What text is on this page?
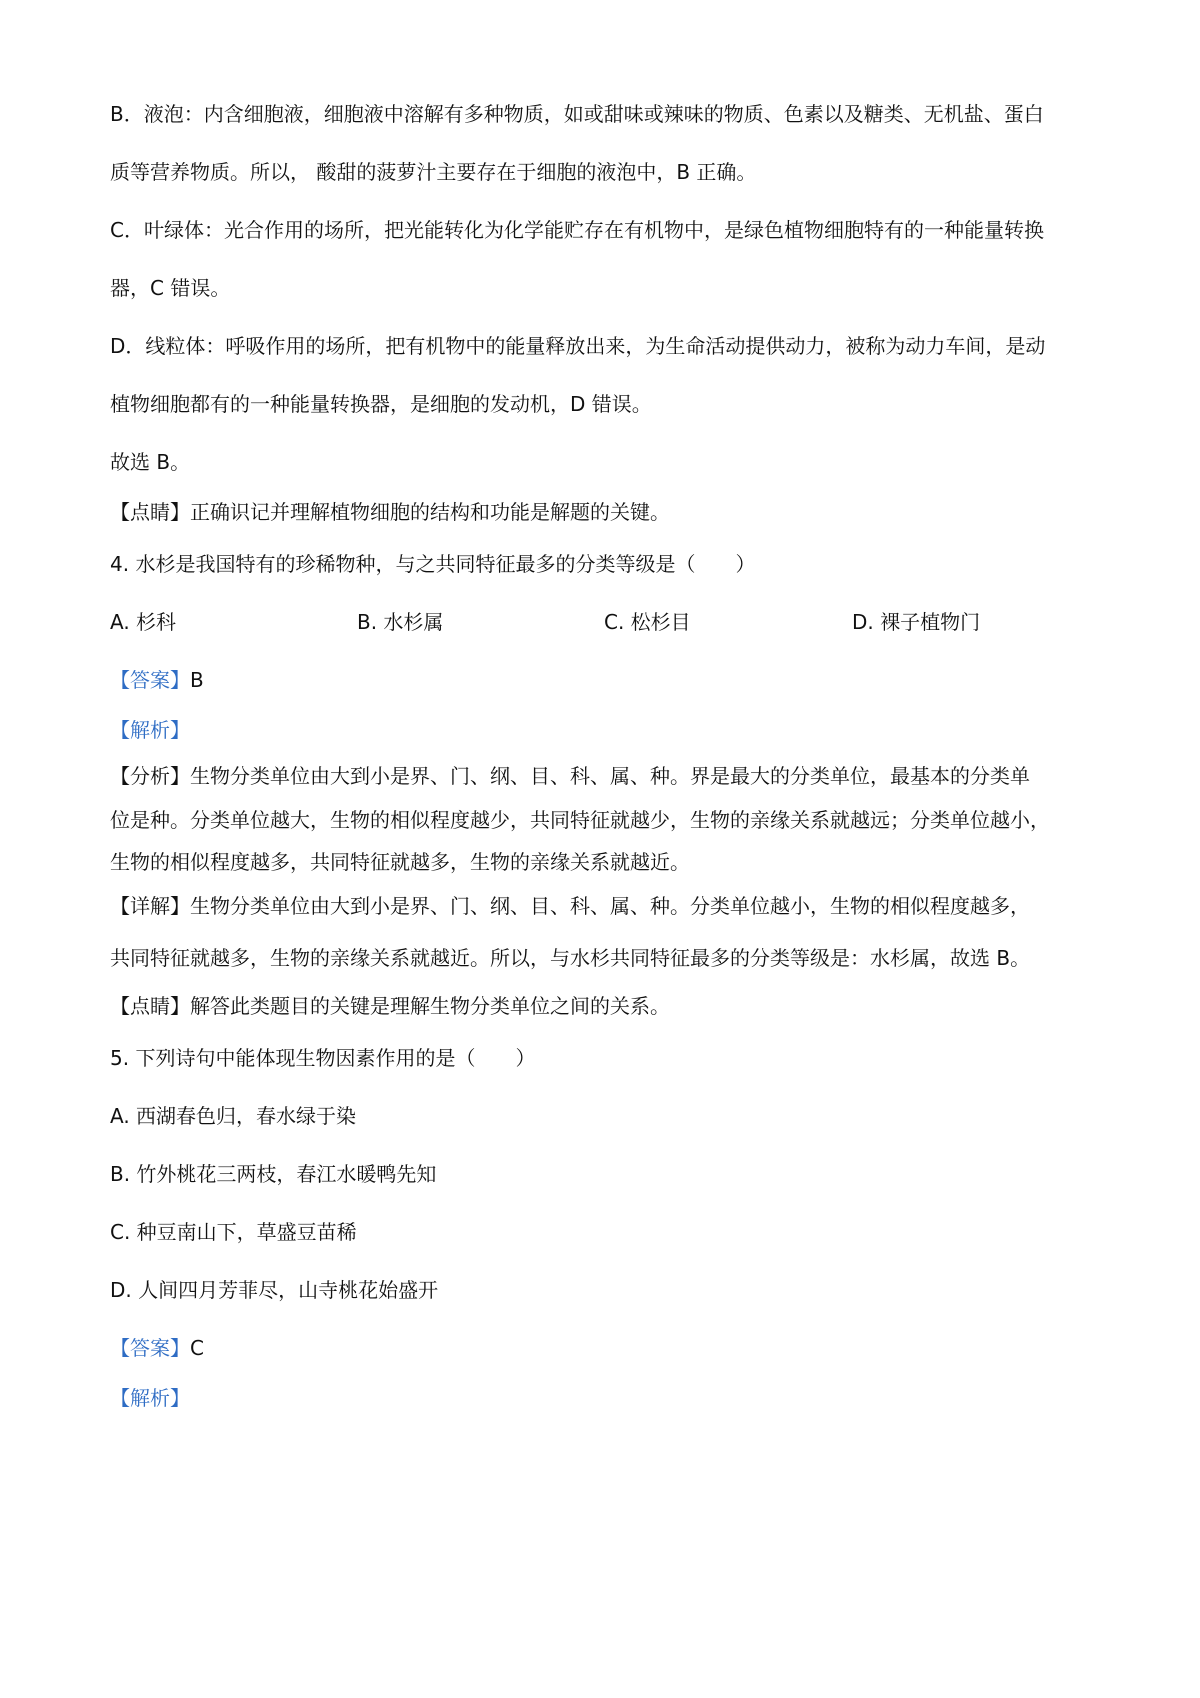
B．液泡：内含细胞液，细胞液中溶解有多种物质，如或甜味或辣味的物质、色素以及糖类、无机盐、蛋白
质等营养物质。所以， 酸甜的菠萝汁主要存在于细胞的液泡中，B 正确。
C．叶绿体：光合作用的场所，把光能转化为化学能贮存在有机物中，是绿色植物细胞特有的一种能量转换
器，C 错误。
D．线粒体：呼吸作用的场所，把有机物中的能量释放出来，为生命活动提供动力，被称为动力车间，是动
植物细胞都有的一种能量转换器，是细胞的发动机，D 错误。
故选 B。
【点睛】正确识记并理解植物细胞的结构和功能是解题的关键。
4. 水杉是我国特有的珍稀物种，与之共同特征最多的分类等级是（　　）
A. 杉科	B. 水杉属	C. 松杉目	D. 裸子植物门
【答案】B
【解析】
【分析】生物分类单位由大到小是界、门、纲、目、科、属、种。界是最大的分类单位，最基本的分类单
位是种。分类单位越大，生物的相似程度越少，共同特征就越少，生物的亲缘关系就越远；分类单位越小，
生物的相似程度越多，共同特征就越多，生物的亲缘关系就越近。
【详解】生物分类单位由大到小是界、门、纲、目、科、属、种。分类单位越小，生物的相似程度越多，
共同特征就越多，生物的亲缘关系就越近。所以，与水杉共同特征最多的分类等级是：水杉属，故选 B。
【点睛】解答此类题目的关键是理解生物分类单位之间的关系。
5. 下列诗句中能体现生物因素作用的是（　　）
A. 西湖春色归，春水绿于染
B. 竹外桃花三两枝，春江水暖鸭先知
C. 种豆南山下，草盛豆苗稀
D. 人间四月芳菲尽，山寺桃花始盛开
【答案】C
【解析】
